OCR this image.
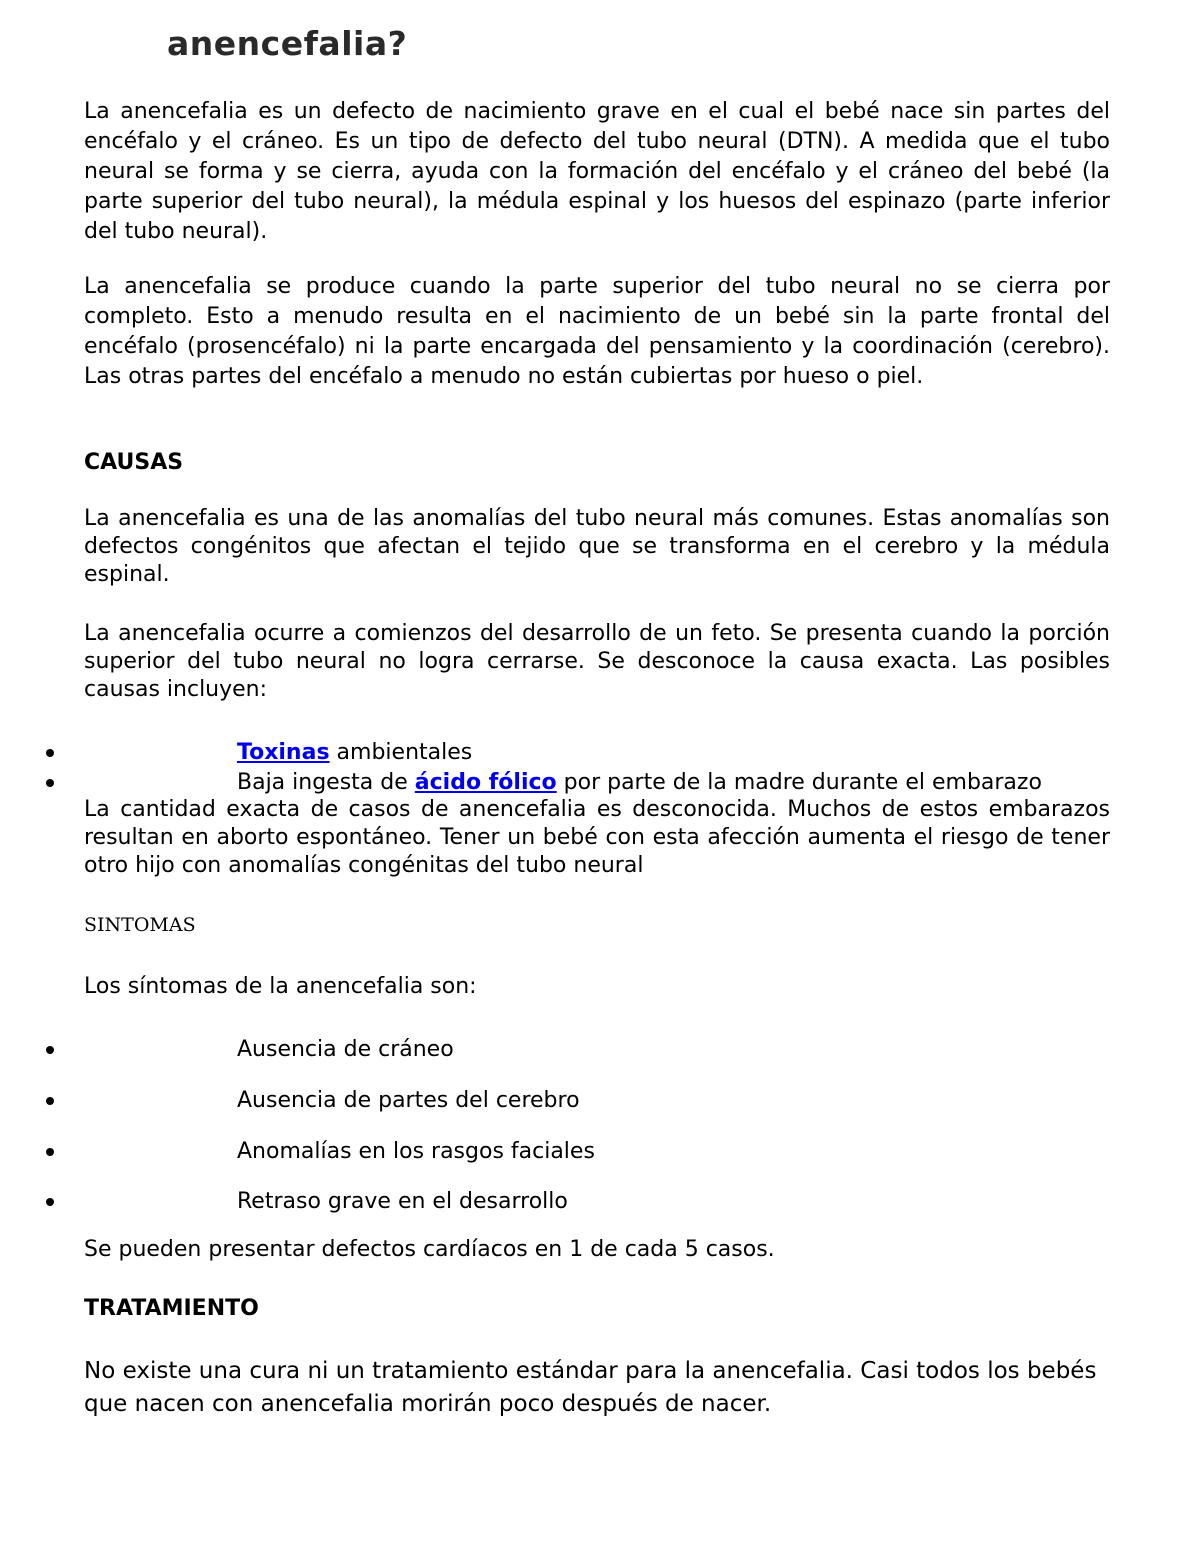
anencefalia?

La anencefalia es un defecto de nacimiento grave en el cual el bebé nace sin partes del encéfalo y el cráneo. Es un tipo de defecto del tubo neural (DTN). A medida que el tubo neural se forma y se cierra, ayuda con la formación del encéfalo y el cráneo del bebé (la parte superior del tubo neural), la médula espinal y los huesos del espinazo (parte inferior del tubo neural).

La anencefalia se produce cuando la parte superior del tubo neural no se cierra por completo. Esto a menudo resulta en el nacimiento de un bebé sin la parte frontal del encéfalo (prosencéfalo) ni la parte encargada del pensamiento y la coordinación (cerebro). Las otras partes del encéfalo a menudo no están cubiertas por hueso o piel.

CAUSAS

La anencefalia es una de las anomalías del tubo neural más comunes. Estas anomalías son defectos congénitos que afectan el tejido que se transforma en el cerebro y la médula espinal.

La anencefalia ocurre a comienzos del desarrollo de un feto. Se presenta cuando la porción superior del tubo neural no logra cerrarse. Se desconoce la causa exacta. Las posibles causas incluyen:

Toxinas ambientales
Baja ingesta de ácido fólico por parte de la madre durante el embarazo

La cantidad exacta de casos de anencefalia es desconocida. Muchos de estos embarazos resultan en aborto espontáneo. Tener un bebé con esta afección aumenta el riesgo de tener otro hijo con anomalías congénitas del tubo neural

SINTOMAS

Los síntomas de la anencefalia son:

Ausencia de cráneo
Ausencia de partes del cerebro
Anomalías en los rasgos faciales
Retraso grave en el desarrollo

Se pueden presentar defectos cardíacos en 1 de cada 5 casos.

TRATAMIENTO

No existe una cura ni un tratamiento estándar para la anencefalia. Casi todos los bebés que nacen con anencefalia morirán poco después de nacer.
